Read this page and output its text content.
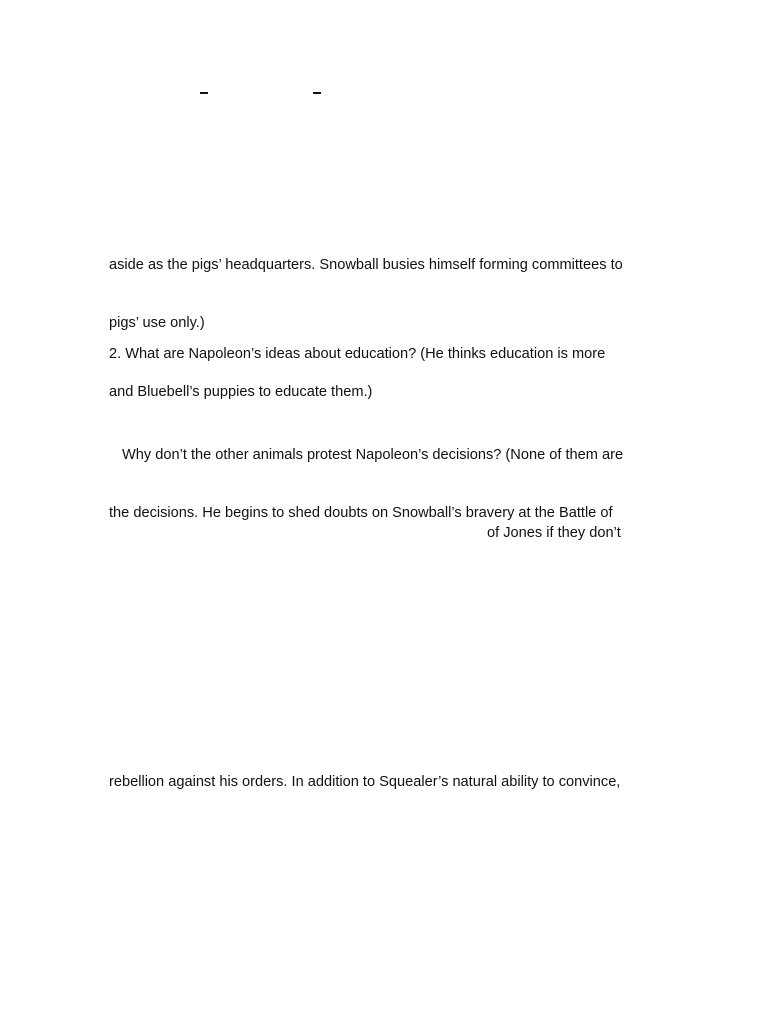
aside as the pigs’ headquarters. Snowball busies himself forming committees to
pigs’ use only.)
2. What are Napoleon’s ideas about education? (He thinks education is more
and Bluebell’s puppies to educate them.)
Why don’t the other animals protest Napoleon’s decisions? (None of them are
the decisions. He begins to shed doubts on Snowball’s bravery at the Battle of
of Jones if they don’t
rebellion against his orders. In addition to Squealer’s natural ability to convince,
